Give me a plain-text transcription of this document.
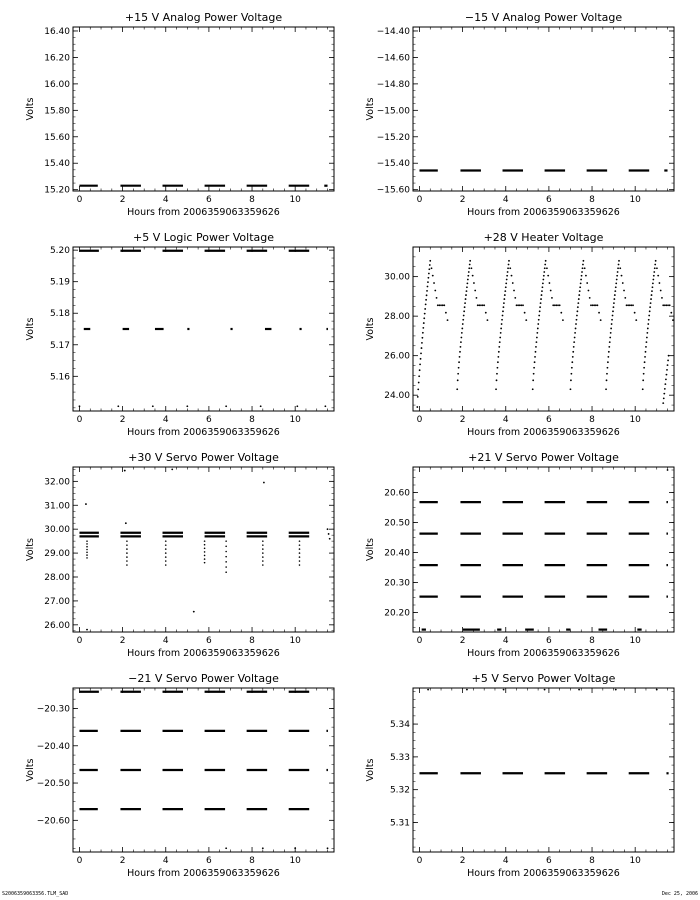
+15 V Analog Power Voltage
0	2	4	6	8	10
15.20
15.40
15.60
15.80
16.00
16.20
16.40
Hours from 2006359063359626
Volts
−15 V Analog Power Voltage
0	2	4	6	8	10
−15.60
−15.40
−15.20
−15.00
−14.80
−14.60
−14.40
Hours from 2006359063359626
Volts
+5 V Logic Power Voltage
0	2	4	6	8	10
5.16
5.17
5.18
5.19
5.20
Hours from 2006359063359626
Volts
+28 V Heater Voltage
0	2	4	6	8	10
24.00
26.00
28.00
30.00
Hours from 2006359063359626
Volts
+30 V Servo Power Voltage
0	2	4	6	8	10
26.00
27.00
28.00
29.00
30.00
31.00
32.00
Hours from 2006359063359626
Volts
+21 V Servo Power Voltage
0	2	4	6	8	10
20.20
20.30
20.40
20.50
20.60
Hours from 2006359063359626
Volts
−21 V Servo Power Voltage
0	2	4	6	8	10
−20.60
−20.50
−20.40
−20.30
Hours from 2006359063359626
Volts
+5 V Servo Power Voltage
0	2	4	6	8	10
5.31
5.32
5.33
5.34
Hours from 2006359063359626
Volts
S2006359063356.TLM_SAD	Dec 25, 2006
